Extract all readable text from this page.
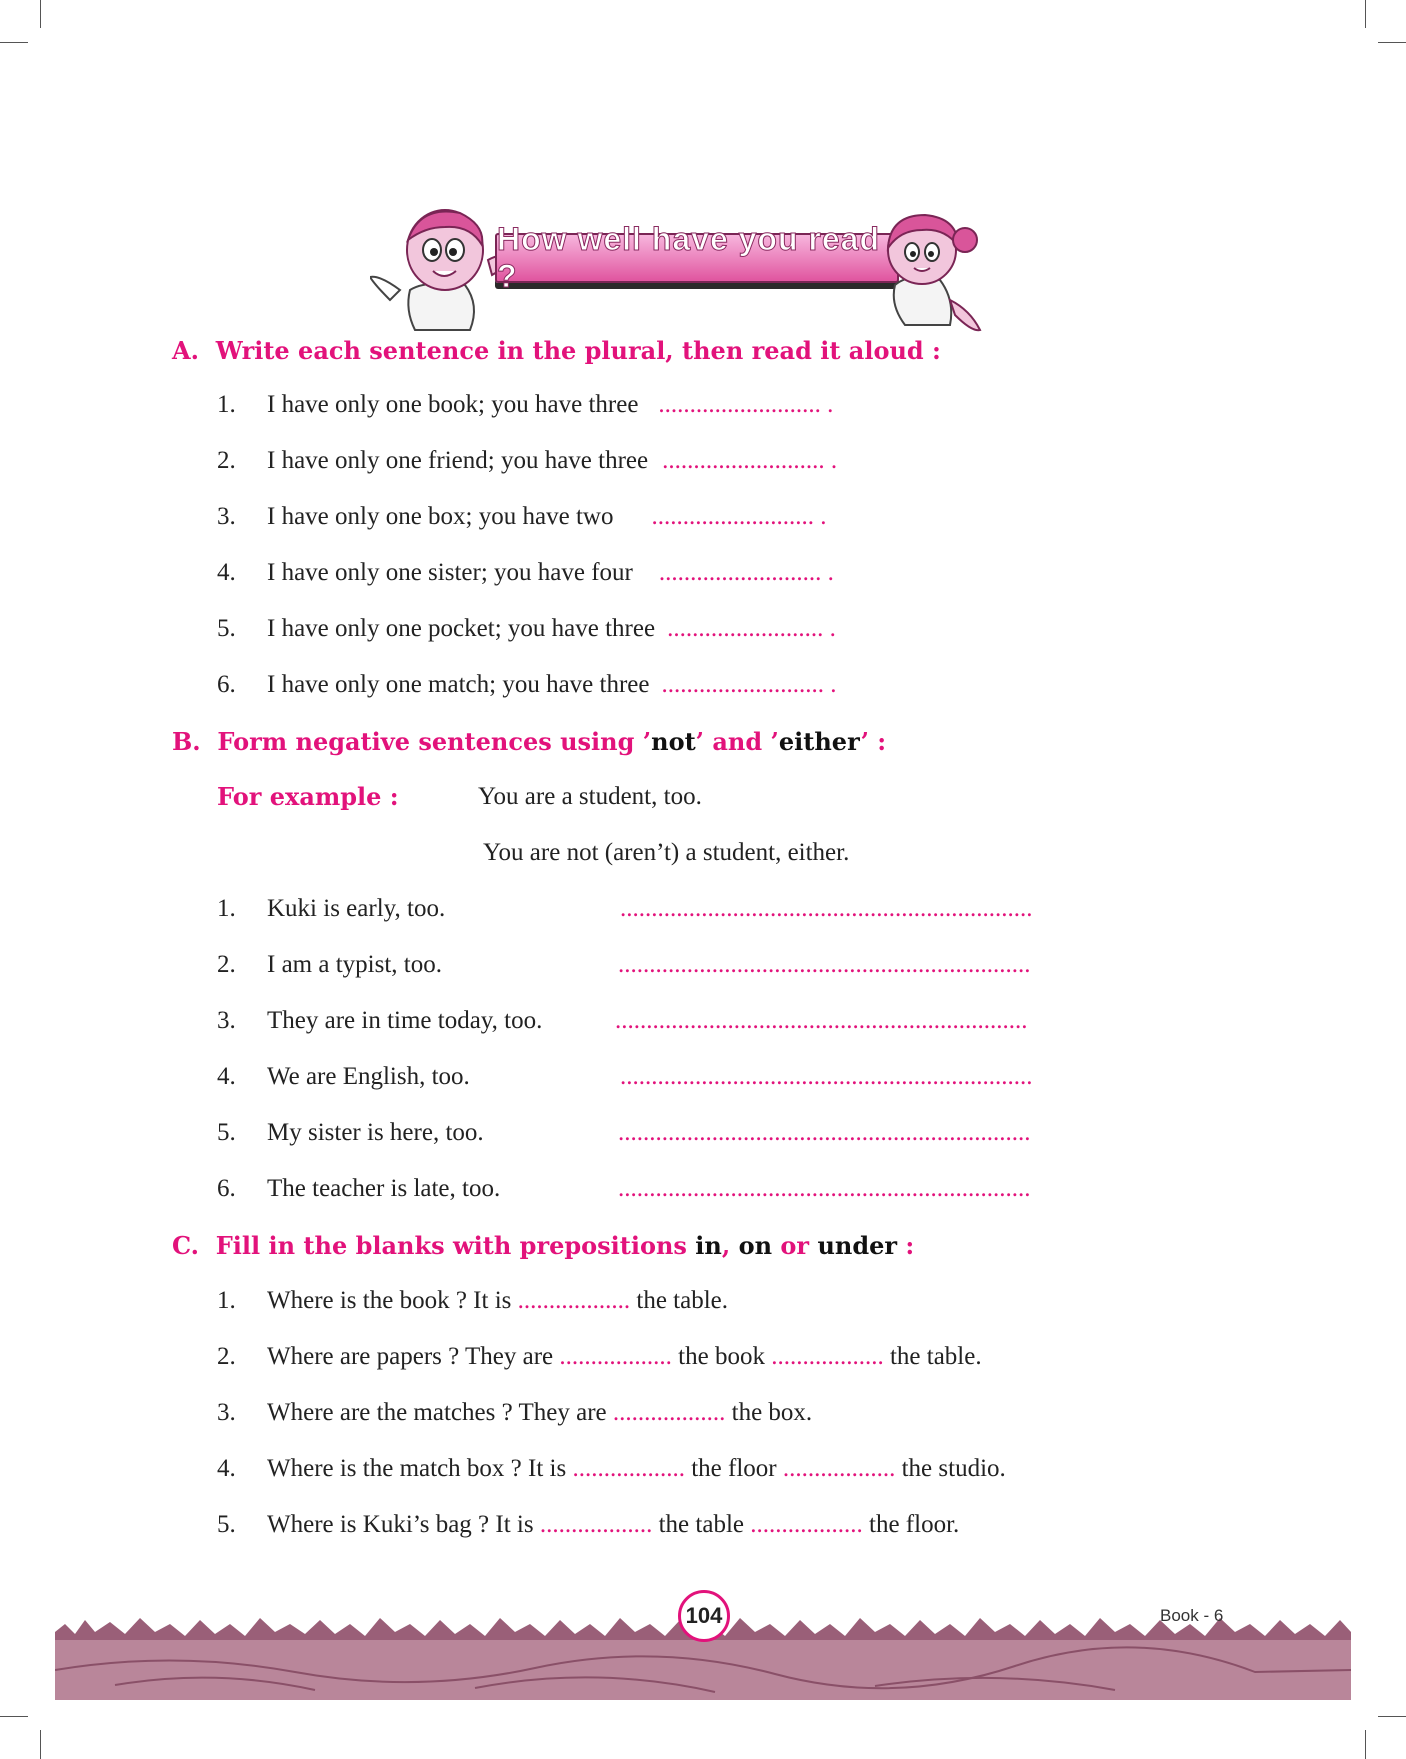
How well have you read ?
A. Write each sentence in the plural, then read it aloud :
1. I have only one book; you have three .......................... .
2. I have only one friend; you have three .......................... .
3. I have only one box; you have two .......................... .
4. I have only one sister; you have four .......................... .
5. I have only one pocket; you have three ......................... .
6. I have only one match; you have three .......................... .
B. Form negative sentences using ’not’ and ’either’ :
For example :	You are a student, too.
You are not (aren’t) a student, either.
1. Kuki is early, too.	..................................................................
2. I am a typist, too.	..................................................................
3. They are in time today, too.	..................................................................
4. We are English, too.	..................................................................
5. My sister is here, too.	..................................................................
6. The teacher is late, too.	..................................................................
C. Fill in the blanks with prepositions in, on or under :
1. Where is the book ? It is .................. the table.
2. Where are papers ? They are .................. the book .................. the table.
3. Where are the matches ? They are .................. the box.
4. Where is the match box ? It is .................. the floor .................. the studio.
5. Where is Kuki’s bag ? It is .................. the table .................. the floor.
104	Book - 6
